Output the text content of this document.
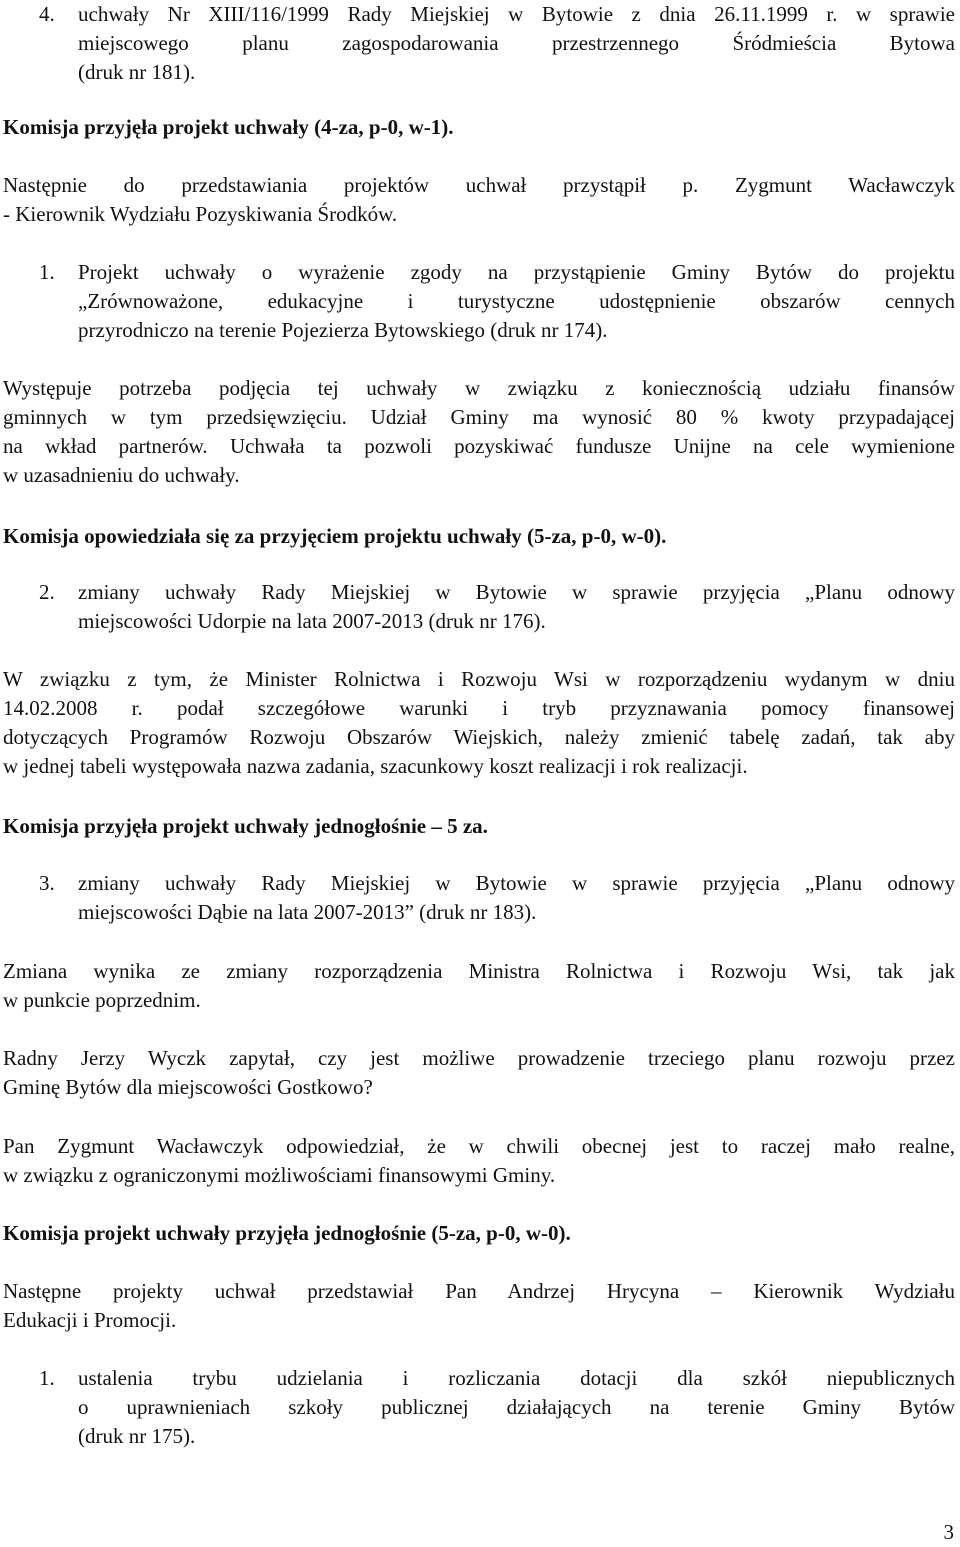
4. uchwały Nr XIII/116/1999 Rady Miejskiej w Bytowie z dnia 26.11.1999 r. w sprawie
miejscowego planu zagospodarowania przestrzennego Śródmieścia Bytowa
(druk nr 181).

Komisja przyjęła projekt uchwały (4-za, p-0, w-1).

Następnie do przedstawiania projektów uchwał przystąpił p. Zygmunt Wacławczyk
- Kierownik Wydziału Pozyskiwania Środków.
1. Projekt uchwały o wyrażenie zgody na przystąpienie Gminy Bytów do projektu
„Zrównoważone, edukacyjne i turystyczne udostępnienie obszarów cennych
przyrodniczo na terenie Pojezierza Bytowskiego (druk nr 174).
Występuje potrzeba podjęcia tej uchwały w związku z koniecznością udziału finansów
gminnych w tym przedsięwzięciu. Udział Gminy ma wynosić 80 % kwoty przypadającej
na wkład partnerów. Uchwała ta pozwoli pozyskiwać fundusze Unijne na cele wymienione
w uzasadnieniu do uchwały.

Komisja opowiedziała się za przyjęciem projektu uchwały (5-za, p-0, w-0).

2. zmiany uchwały Rady Miejskiej w Bytowie w sprawie przyjęcia „Planu odnowy
miejscowości Udorpie na lata 2007-2013 (druk nr 176).
W związku z tym, że Minister Rolnictwa i Rozwoju Wsi w rozporządzeniu wydanym w dniu
14.02.2008 r. podał szczegółowe warunki i tryb przyznawania pomocy finansowej
dotyczących Programów Rozwoju Obszarów Wiejskich, należy zmienić tabelę zadań, tak aby
w jednej tabeli występowała nazwa zadania, szacunkowy koszt realizacji i rok realizacji.

Komisja przyjęła projekt uchwały jednogłośnie – 5 za.

3. zmiany uchwały Rady Miejskiej w Bytowie w sprawie przyjęcia „Planu odnowy
miejscowości Dąbie na lata 2007-2013” (druk nr 183).
Zmiana wynika ze zmiany rozporządzenia Ministra Rolnictwa i Rozwoju Wsi, tak jak
w punkcie poprzednim.
Radny Jerzy Wyczk zapytał, czy jest możliwe prowadzenie trzeciego planu rozwoju przez
Gminę Bytów dla miejscowości Gostkowo?
Pan Zygmunt Wacławczyk odpowiedział, że w chwili obecnej jest to raczej mało realne,
w związku z ograniczonymi możliwościami finansowymi Gminy.

Komisja projekt uchwały przyjęła jednogłośnie (5-za, p-0, w-0).

Następne projekty uchwał przedstawiał Pan Andrzej Hrycyna – Kierownik Wydziału
Edukacji i Promocji.
1. ustalenia trybu udzielania i rozliczania dotacji dla szkół niepublicznych
o uprawnieniach szkoły publicznej działających na terenie Gminy Bytów
(druk nr 175).
3
